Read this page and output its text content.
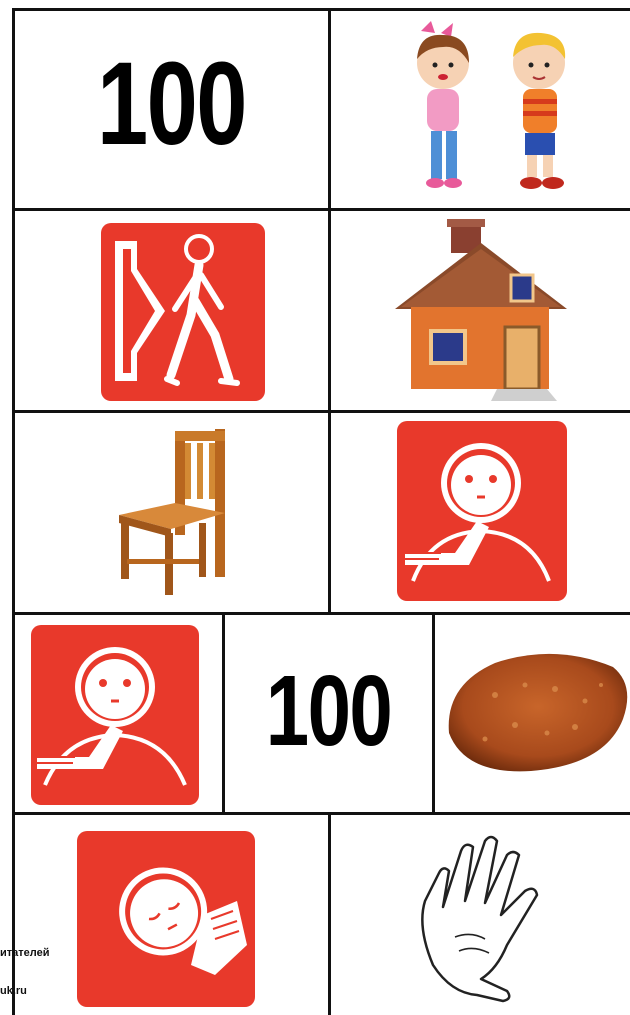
100
100
итателей
uk.ru
